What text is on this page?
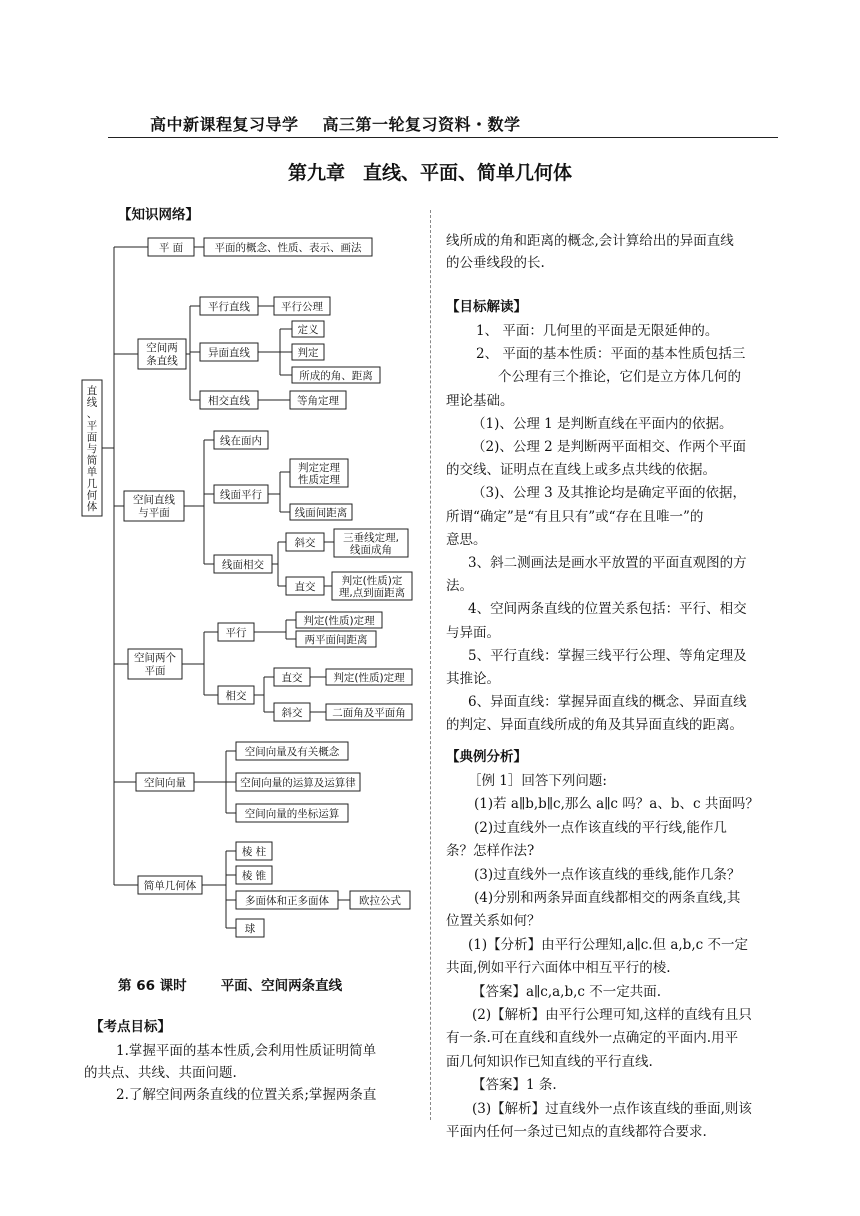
高中新课程复习导学 高三第一轮复习资料・数学
第九章 直线、平面、简单几何体
【知识网络】
直线、平面与简单几何体
平 面	平面的概念、性质、表示、画法
空间两
条直线
平行直线	平行公理
异面直线
定义
判定
所成的角、距离
相交直线	等角定理
空间直线
与平面
线在面内
线面平行
判定定理
性质定理
线面间距离
线面相交
斜交	三垂线定理,
线面成角
直交 判定(性质)定
理,点到面距离
空间两个
平面
平行
判定(性质)定理
两平面间距离
相交
直交	判定(性质)定理
斜交	二面角及平面角
空间向量
空间向量及有关概念
空间向量的运算及运算律
空间向量的坐标运算
简单几何体
棱 柱
棱 锥
多面体和正多面体	欧拉公式
球
第 66 课时	平面、空间两条直线
【考点目标】
1.掌握平面的基本性质,会利用性质证明简单
的共点、共线、共面问题.
2.了解空间两条直线的位置关系;掌握两条直
线所成的角和距离的概念,会计算给出的异面直线
的公垂线段的长.
【目标解读】
1、 平面：几何里的平面是无限延伸的。
2、 平面的基本性质：平面的基本性质包括三
个公理有三个推论，它们是立方体几何的
理论基础。
（1)、公理 1 是判断直线在平面内的依据。
（2)、公理 2 是判断两平面相交、作两个平面
的交线、证明点在直线上或多点共线的依据。
（3)、公理 3 及其推论均是确定平面的依据，
所谓“确定”是“有且只有”或“存在且唯一”的
意思。
3、斜二测画法是画水平放置的平面直观图的方
法。
4、空间两条直线的位置关系包括：平行、相交
与异面。
5、平行直线：掌握三线平行公理、等角定理及
其推论。
6、异面直线：掌握异面直线的概念、异面直线
的判定、异面直线所成的角及其异面直线的距离。
【典例分析】
［例 1］回答下列问题:
(1)若 a∥b,b∥c,那么 a∥c 吗？a、b、c 共面吗？
(2)过直线外一点作该直线的平行线,能作几
条？怎样作法?
(3)过直线外一点作该直线的垂线,能作几条？
(4)分别和两条异面直线都相交的两条直线,其
位置关系如何？
(1)【分析】由平行公理知,a∥c.但 a,b,c 不一定
共面,例如平行六面体中相互平行的棱.
【答案】a∥c,a,b,c 不一定共面.
(2)【解析】由平行公理可知,这样的直线有且只
有一条.可在直线和直线外一点确定的平面内.用平
面几何知识作已知直线的平行直线.
【答案】1 条.
(3)【解析】过直线外一点作该直线的垂面,则该
平面内任何一条过已知点的直线都符合要求.
